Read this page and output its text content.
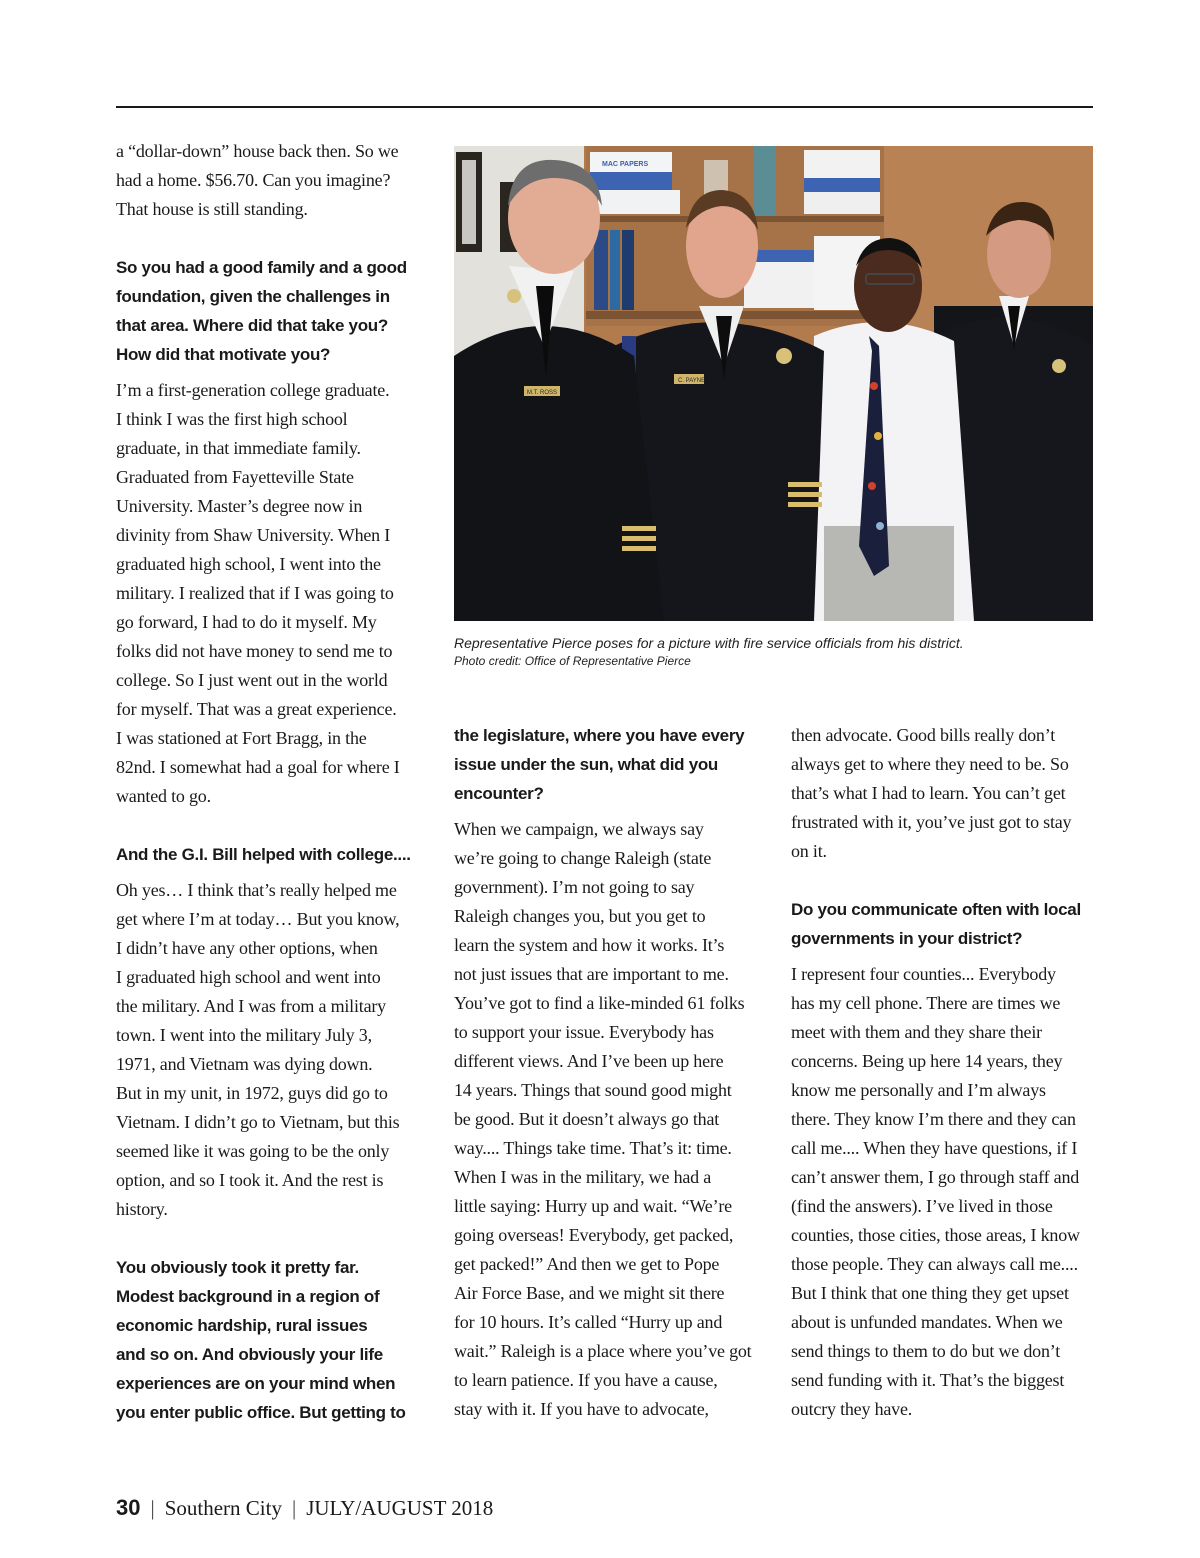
a “dollar-down” house back then. So we
had a home. $56.70. Can you imagine?
That house is still standing.

So you had a good family and a good
foundation, given the challenges in
that area. Where did that take you?
How did that motivate you?

I’m a first-generation college graduate.
I think I was the first high school
graduate, in that immediate family.
Graduated from Fayetteville State
University. Master’s degree now in
divinity from Shaw University. When I
graduated high school, I went into the
military. I realized that if I was going to
go forward, I had to do it myself. My
folks did not have money to send me to
college. So I just went out in the world
for myself. That was a great experience.
I was stationed at Fort Bragg, in the
82nd. I somewhat had a goal for where I
wanted to go.

And the G.I. Bill helped with college....

Oh yes… I think that’s really helped me
get where I’m at today… But you know,
I didn’t have any other options, when
I graduated high school and went into
the military. And I was from a military
town. I went into the military July 3,
1971, and Vietnam was dying down.
But in my unit, in 1972, guys did go to
Vietnam. I didn’t go to Vietnam, but this
seemed like it was going to be the only
option, and so I took it. And the rest is
history.

You obviously took it pretty far.
Modest background in a region of
economic hardship, rural issues
and so on. And obviously your life
experiences are on your mind when
you enter public office. But getting to
MAC PAPERS
C. PAYNE
M.T. ROSS
Representative Pierce poses for a picture with fire service officials from his district.
Photo credit: Office of Representative Pierce
the legislature, where you have every
issue under the sun, what did you
encounter?

When we campaign, we always say
we’re going to change Raleigh (state
government). I’m not going to say
Raleigh changes you, but you get to
learn the system and how it works. It’s
not just issues that are important to me.
You’ve got to find a like-minded 61 folks
to support your issue. Everybody has
different views. And I’ve been up here
14 years. Things that sound good might
be good. But it doesn’t always go that
way.... Things take time. That’s it: time.
When I was in the military, we had a
little saying: Hurry up and wait. “We’re
going overseas! Everybody, get packed,
get packed!” And then we get to Pope
Air Force Base, and we might sit there
for 10 hours. It’s called “Hurry up and
wait.” Raleigh is a place where you’ve got
to learn patience. If you have a cause,
stay with it. If you have to advocate,

then advocate. Good bills really don’t
always get to where they need to be. So
that’s what I had to learn. You can’t get
frustrated with it, you’ve just got to stay
on it.

Do you communicate often with local
governments in your district?

I represent four counties... Everybody
has my cell phone. There are times we
meet with them and they share their
concerns. Being up here 14 years, they
know me personally and I’m always
there. They know I’m there and they can
call me.... When they have questions, if I
can’t answer them, I go through staff and
(find the answers). I’ve lived in those
counties, those cities, those areas, I know
those people. They can always call me....
But I think that one thing they get upset
about is unfunded mandates. When we
send things to them to do but we don’t
send funding with it. That’s the biggest
outcry they have.

30 | Southern City | JULY/AUGUST 2018
